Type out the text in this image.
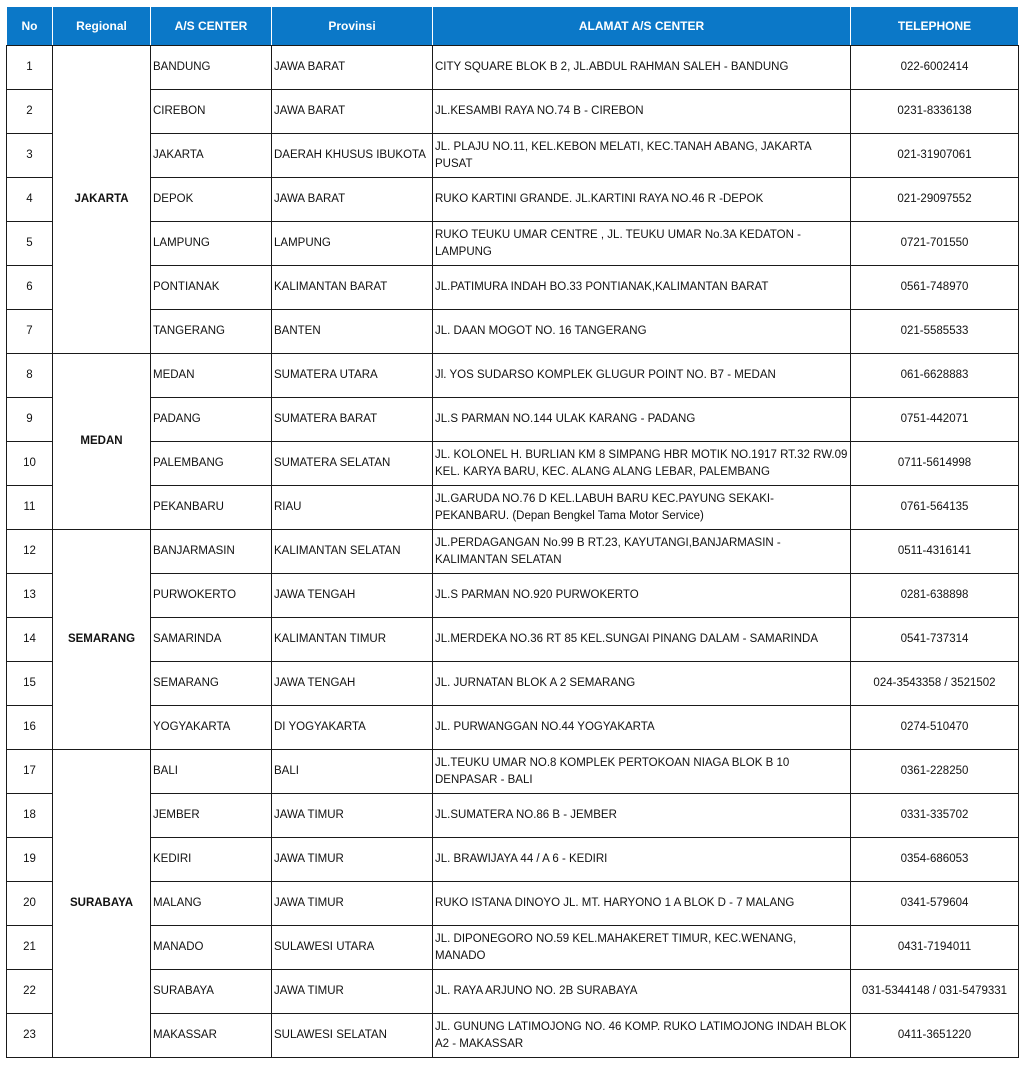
No	Regional	A/S CENTER	Provinsi	ALAMAT A/S CENTER	TELEPHONE
1	JAKARTA	BANDUNG	JAWA BARAT	CITY SQUARE BLOK B 2, JL.ABDUL RAHMAN SALEH - BANDUNG	022-6002414
2		CIREBON	JAWA BARAT	JL.KESAMBI RAYA NO.74 B - CIREBON	0231-8336138
3		JAKARTA	DAERAH KHUSUS IBUKOTA	JL. PLAJU NO.11, KEL.KEBON MELATI, KEC.TANAH ABANG, JAKARTA PUSAT	021-31907061
4		DEPOK	JAWA BARAT	RUKO KARTINI GRANDE. JL.KARTINI RAYA NO.46 R -DEPOK	021-29097552
5		LAMPUNG	LAMPUNG	RUKO TEUKU UMAR CENTRE , JL. TEUKU UMAR No.3A KEDATON - LAMPUNG	0721-701550
6		PONTIANAK	KALIMANTAN BARAT	JL.PATIMURA INDAH BO.33 PONTIANAK,KALIMANTAN BARAT	0561-748970
7		TANGERANG	BANTEN	JL. DAAN MOGOT NO. 16 TANGERANG	021-5585533
8	MEDAN	MEDAN	SUMATERA UTARA	Jl. YOS SUDARSO KOMPLEK GLUGUR POINT NO. B7 - MEDAN	061-6628883
9		PADANG	SUMATERA BARAT	JL.S PARMAN NO.144 ULAK KARANG - PADANG	0751-442071
10		PALEMBANG	SUMATERA SELATAN	JL. KOLONEL H. BURLIAN KM 8 SIMPANG HBR MOTIK NO.1917 RT.32 RW.09 KEL. KARYA BARU, KEC. ALANG ALANG LEBAR, PALEMBANG	0711-5614998
11		PEKANBARU	RIAU	JL.GARUDA NO.76 D KEL.LABUH BARU KEC.PAYUNG SEKAKI- PEKANBARU. (Depan Bengkel Tama Motor Service)	0761-564135
12	SEMARANG	BANJARMASIN	KALIMANTAN SELATAN	JL.PERDAGANGAN No.99 B RT.23, KAYUTANGI,BANJARMASIN - KALIMANTAN SELATAN	0511-4316141
13		PURWOKERTO	JAWA TENGAH	JL.S PARMAN NO.920 PURWOKERTO	0281-638898
14		SAMARINDA	KALIMANTAN TIMUR	JL.MERDEKA NO.36 RT 85 KEL.SUNGAI PINANG DALAM - SAMARINDA	0541-737314
15		SEMARANG	JAWA TENGAH	JL. JURNATAN BLOK A 2 SEMARANG	024-3543358 / 3521502
16		YOGYAKARTA	DI YOGYAKARTA	JL. PURWANGGAN NO.44 YOGYAKARTA	0274-510470
17	SURABAYA	BALI	BALI	JL.TEUKU UMAR NO.8 KOMPLEK PERTOKOAN NIAGA BLOK B 10 DENPASAR - BALI	0361-228250
18		JEMBER	JAWA TIMUR	JL.SUMATERA NO.86 B - JEMBER	0331-335702
19		KEDIRI	JAWA TIMUR	JL. BRAWIJAYA 44 / A 6 - KEDIRI	0354-686053
20		MALANG	JAWA TIMUR	RUKO ISTANA DINOYO JL. MT. HARYONO 1 A BLOK D - 7 MALANG	0341-579604
21		MANADO	SULAWESI UTARA	JL. DIPONEGORO NO.59 KEL.MAHAKERET TIMUR, KEC.WENANG, MANADO	0431-7194011
22		SURABAYA	JAWA TIMUR	JL. RAYA ARJUNO NO. 2B SURABAYA	031-5344148 / 031-5479331
23		MAKASSAR	SULAWESI SELATAN	JL. GUNUNG LATIMOJONG NO. 46 KOMP. RUKO LATIMOJONG INDAH BLOK A2 - MAKASSAR	0411-3651220
